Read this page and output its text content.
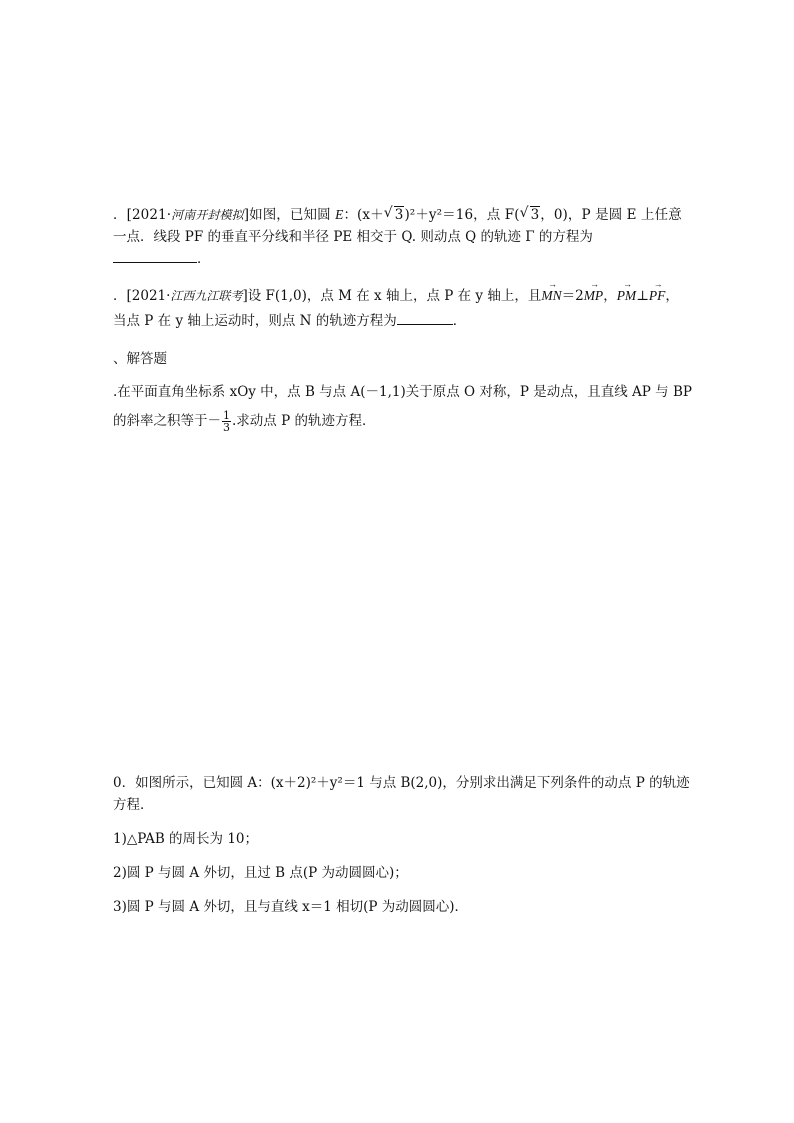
．[2021·河南开封模拟]如图，已知圆 E：(x＋ √ 3)²＋y²＝16，点 F( √ 3，0)，P 是圆 E 上任意
一点．线段 PF 的垂直平分线和半径 PE 相交于 Q. 则动点 Q 的轨迹 Γ 的方程为
．
．[2021·江西九江联考]设 F(1,0)，点 M 在 x 轴上，点 P 在 y 轴上，且→ MN＝2→ MP，→ PM⊥→ PF，
当点 P 在 y 轴上运动时，则点 N 的轨迹方程为	．
、解答题
.在平面直角坐标系 xOy 中，点 B 与点 A(－1,1)关于原点 O 对称，P 是动点，且直线 AP 与 BP
的斜率之积等于－ $\frac{1}{3}$ .求动点 P 的轨迹方程．
0．如图所示，已知圆 A：(x＋2)²＋y²＝1 与点 B(2,0)，分别求出满足下列条件的动点 P 的轨迹
方程．
1)△PAB 的周长为 10；
2)圆 P 与圆 A 外切，且过 B 点(P 为动圆圆心)；
3)圆 P 与圆 A 外切，且与直线 x＝1 相切(P 为动圆圆心)．
